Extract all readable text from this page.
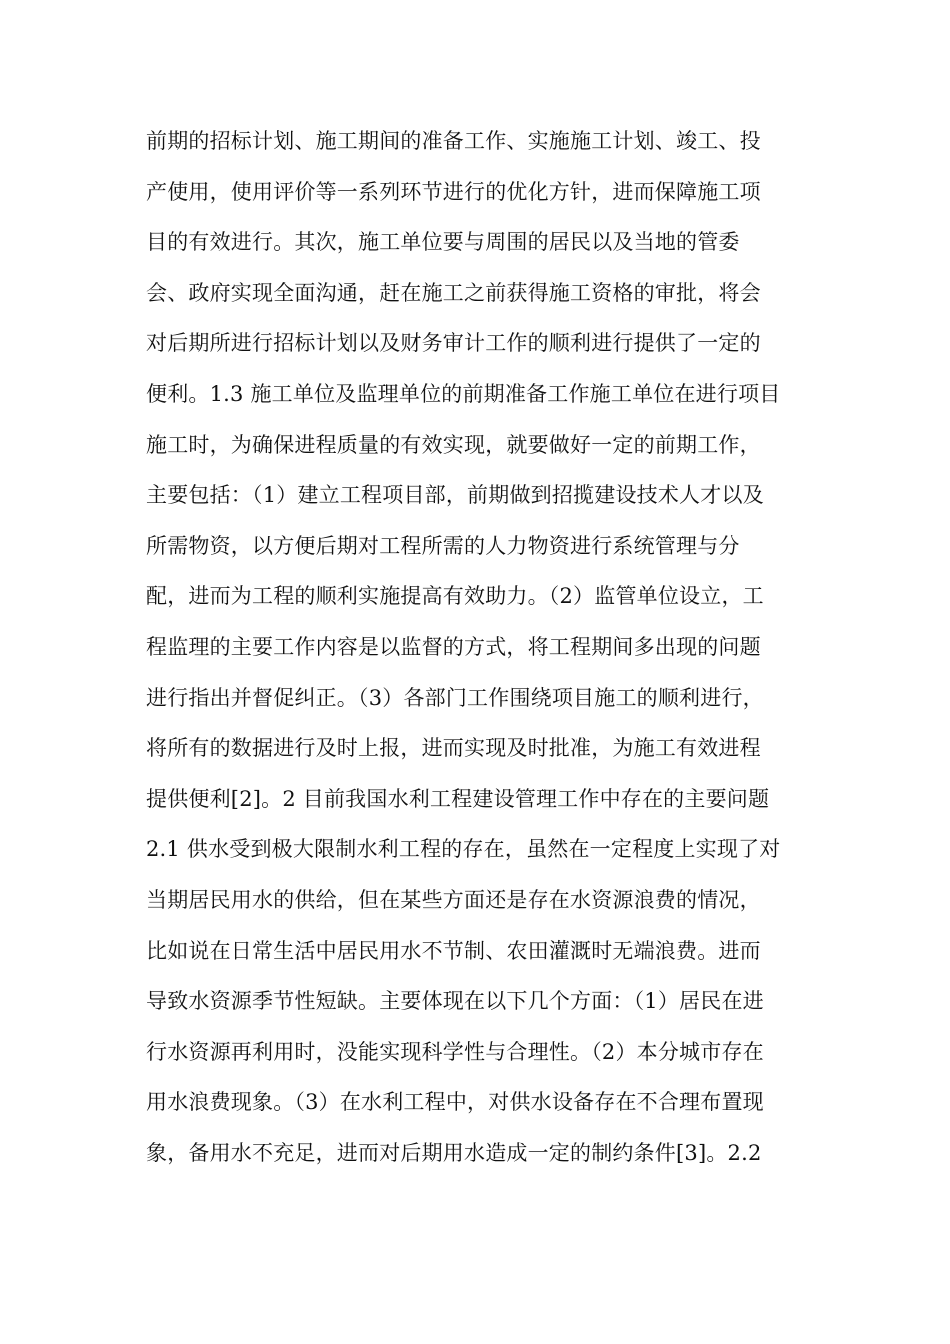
前期的招标计划、施工期间的准备工作、实施施工计划、竣工、投
产使用，使用评价等一系列环节进行的优化方针，进而保障施工项
目的有效进行。其次，施工单位要与周围的居民以及当地的管委
会、政府实现全面沟通，赶在施工之前获得施工资格的审批，将会
对后期所进行招标计划以及财务审计工作的顺利进行提供了一定的
便利。1.3 施工单位及监理单位的前期准备工作施工单位在进行项目
施工时，为确保进程质量的有效实现，就要做好一定的前期工作，
主要包括：（1）建立工程项目部，前期做到招揽建设技术人才以及
所需物资，以方便后期对工程所需的人力物资进行系统管理与分
配，进而为工程的顺利实施提高有效助力。（2）监管单位设立，工
程监理的主要工作内容是以监督的方式，将工程期间多出现的问题
进行指出并督促纠正。（3）各部门工作围绕项目施工的顺利进行，
将所有的数据进行及时上报，进而实现及时批准，为施工有效进程
提供便利[2]。2 目前我国水利工程建设管理工作中存在的主要问题
2.1 供水受到极大限制水利工程的存在，虽然在一定程度上实现了对
当期居民用水的供给，但在某些方面还是存在水资源浪费的情况，
比如说在日常生活中居民用水不节制、农田灌溉时无端浪费。进而
导致水资源季节性短缺。主要体现在以下几个方面：（1）居民在进
行水资源再利用时，没能实现科学性与合理性。（2）本分城市存在
用水浪费现象。（3）在水利工程中，对供水设备存在不合理布置现
象，备用水不充足，进而对后期用水造成一定的制约条件[3]。2.2
